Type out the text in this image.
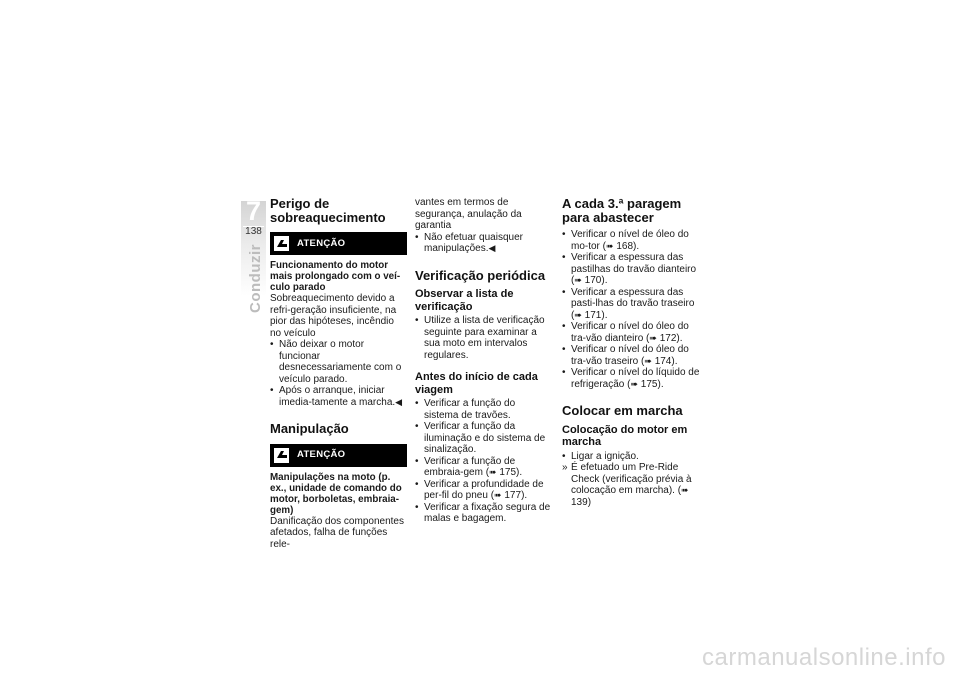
7
138
Conduzir
Perigo de sobreaquecimento
ATENÇÃO
Funcionamento do motor mais prolongado com o veí-culo parado
Sobreaquecimento devido a refri-geração insuficiente, na pior das hipóteses, incêndio no veículo
• Não deixar o motor funcionar desnecessariamente com o veículo parado.
• Após o arranque, iniciar imedia-tamente a marcha.◀
Manipulação
ATENÇÃO
Manipulações na moto (p. ex., unidade de comando do motor, borboletas, embraia-gem)
Danificação dos componentes afetados, falha de funções rele-
vantes em termos de segurança, anulação da garantia
• Não efetuar quaisquer manipulações.◀
Verificação periódica
Observar a lista de verificação
• Utilize a lista de verificação seguinte para examinar a sua moto em intervalos regulares.
Antes do início de cada viagem
• Verificar a função do sistema de travões.
• Verificar a função da iluminação e do sistema de sinalização.
• Verificar a função de embraia-gem (➠ 175).
• Verificar a profundidade de per-fil do pneu (➠ 177).
• Verificar a fixação segura de malas e bagagem.
A cada 3.ª paragem para abastecer
• Verificar o nível de óleo do mo-tor (➠ 168).
• Verificar a espessura das pastilhas do travão dianteiro (➠ 170).
• Verificar a espessura das pasti-lhas do travão traseiro (➠ 171).
• Verificar o nível do óleo do tra-vão dianteiro (➠ 172).
• Verificar o nível do óleo do tra-vão traseiro (➠ 174).
• Verificar o nível do líquido de refrigeração (➠ 175).
Colocar em marcha
Colocação do motor em marcha
• Ligar a ignição.
» É efetuado um Pre-Ride Check (verificação prévia à colocação em marcha). (➠ 139)
carmanualsonline.info
